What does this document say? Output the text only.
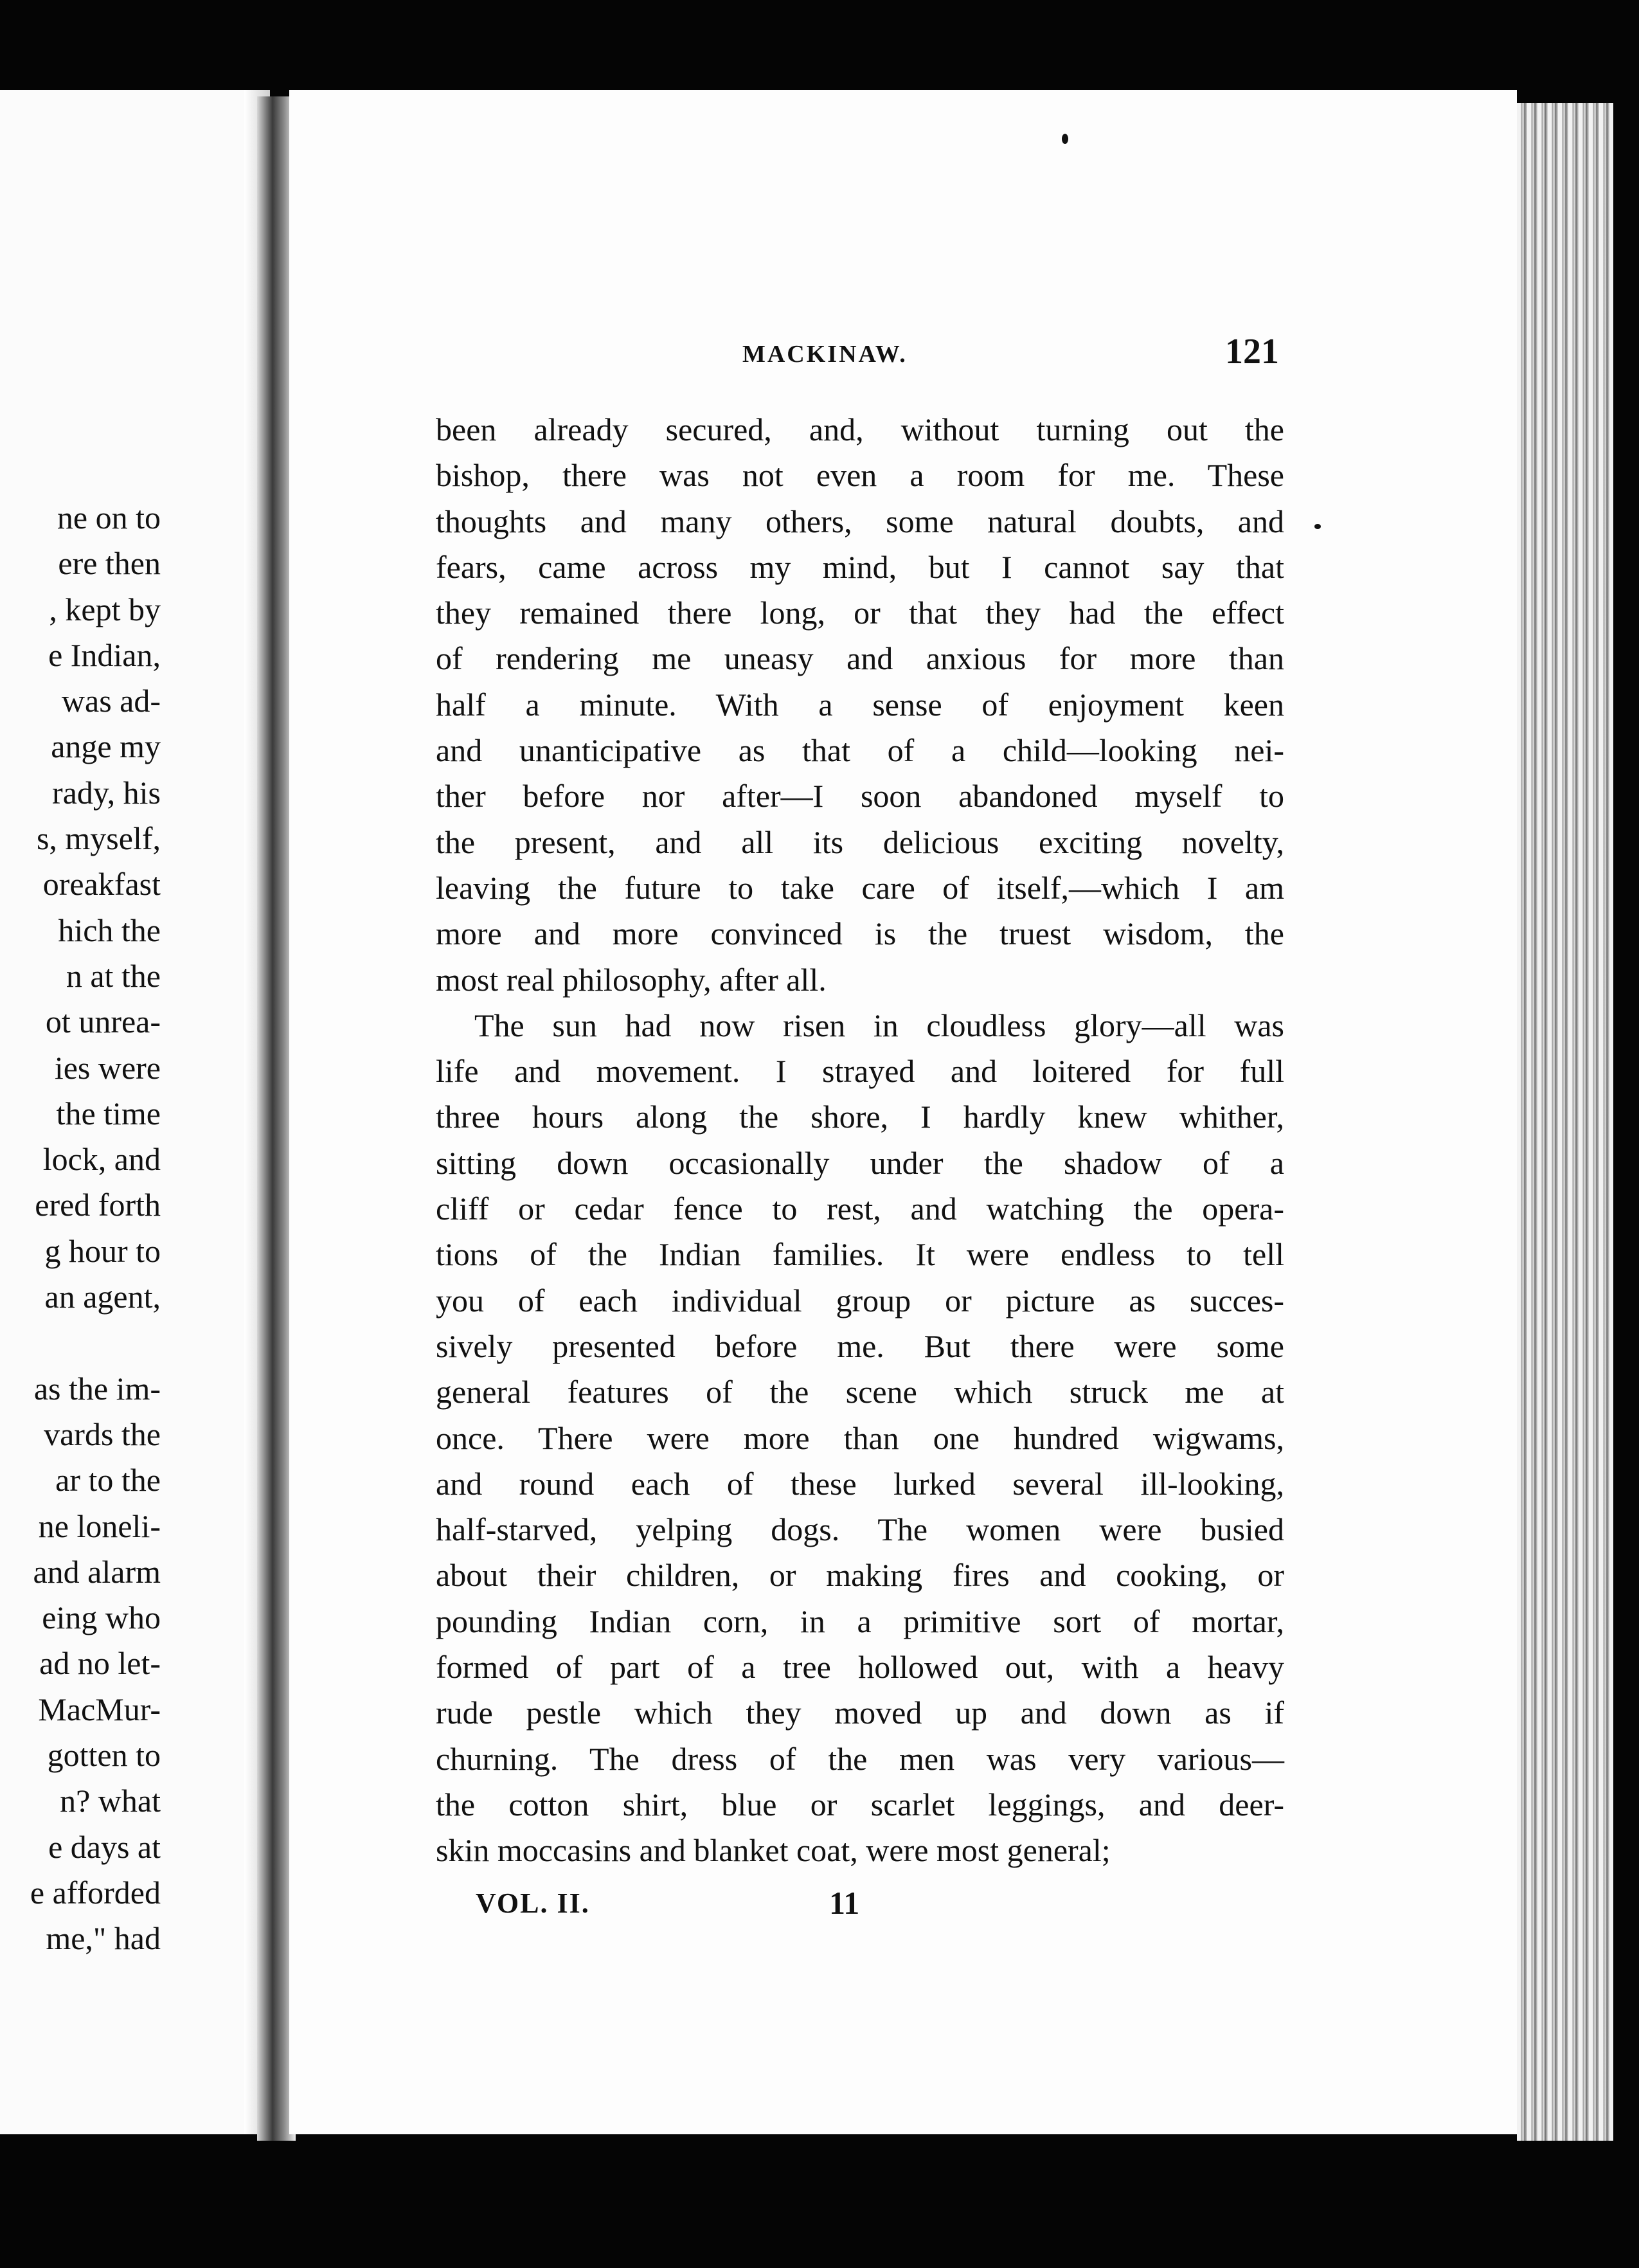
ne on to
ere then
, kept by
e Indian,
was ad-
ange my
rady, his
s, myself,
oreakfast
hich the
n at the
ot unrea-
ies were
the time
lock, and
ered forth
g hour to
an agent,
as the im-
vards the
ar to the
ne loneli-
and alarm
eing who
ad no let-
MacMur-
gotten to
n? what
e days at
e afforded
me," had
MACKINAW.	121
been already secured, and, without turning out the
bishop, there was not even a room for me. These
thoughts and many others, some natural doubts, and
fears, came across my mind, but I cannot say that
they remained there long, or that they had the effect
of rendering me uneasy and anxious for more than
half a minute. With a sense of enjoyment keen
and unanticipative as that of a child—looking nei-
ther before nor after—I soon abandoned myself to
the present, and all its delicious exciting novelty,
leaving the future to take care of itself,—which I am
more and more convinced is the truest wisdom, the
most real philosophy, after all.
The sun had now risen in cloudless glory—all was
life and movement. I strayed and loitered for full
three hours along the shore, I hardly knew whither,
sitting down occasionally under the shadow of a
cliff or cedar fence to rest, and watching the opera-
tions of the Indian families. It were endless to tell
you of each individual group or picture as succes-
sively presented before me. But there were some
general features of the scene which struck me at
once. There were more than one hundred wigwams,
and round each of these lurked several ill-looking,
half-starved, yelping dogs. The women were busied
about their children, or making fires and cooking, or
pounding Indian corn, in a primitive sort of mortar,
formed of part of a tree hollowed out, with a heavy
rude pestle which they moved up and down as if
churning. The dress of the men was very various—
the cotton shirt, blue or scarlet leggings, and deer-
skin moccasins and blanket coat, were most general;
VOL. II.	11
